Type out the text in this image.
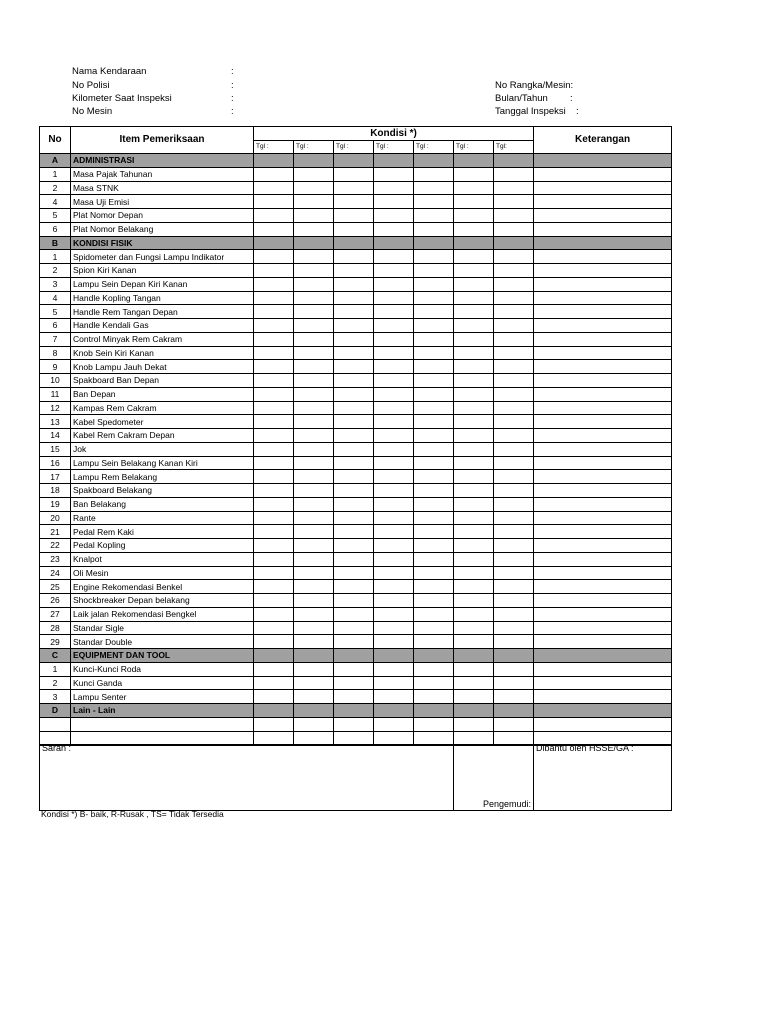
Nama Kendaraan	:
No Polisi	:
Kilometer Saat Inspeksi	:
No Mesin	:
No Rangka/Mesin:
Bulan/Tahun :
Tanggal Inspeksi :
No	Item Pemeriksaan	Kondisi *)							Keterangan
		Tgl :	Tgl :	Tgl :	Tgl :	Tgl :	Tgl :	Tgl:	
A	ADMINISTRASI								
1	Masa Pajak Tahunan								
2	Masa STNK								
4	Masa Uji Emisi								
5	Plat Nomor Depan								
6	Plat Nomor Belakang								
B	KONDISI FISIK								
1	Spidometer dan Fungsi Lampu Indikator								
2	Spion Kiri Kanan								
3	Lampu Sein Depan Kiri Kanan								
4	Handle Kopling Tangan								
5	Handle Rem Tangan Depan								
6	Handle Kendali Gas								
7	Control Minyak Rem Cakram								
8	Knob Sein Kiri Kanan								
9	Knob Lampu Jauh Dekat								
10	Spakboard Ban Depan								
11	Ban Depan								
12	Kampas Rem Cakram								
13	Kabel Spedometer								
14	Kabel Rem Cakram Depan								
15	Jok								
16	Lampu Sein Belakang Kanan Kiri								
17	Lampu Rem Belakang								
18	Spakboard Belakang								
19	Ban Belakang								
20	Rante								
21	Pedal Rem Kaki								
22	Pedal Kopling								
23	Knalpot								
24	Oli Mesin								
25	Engine Rekomendasi Benkel								
26	Shockbreaker Depan belakang								
27	Laik jalan Rekomendasi Bengkel								
28	Standar Sigle								
29	Standar Double								
C	EQUIPMENT DAN TOOL								
1	Kunci-Kunci Roda								
2	Kunci Ganda								
3	Lampu Senter								
D	Lain - Lain								

Saran :	Pengemudi:	Dibantu oleh HSSE/GA :
Kondisi *) B- baik, R-Rusak , TS= Tidak Tersedia
